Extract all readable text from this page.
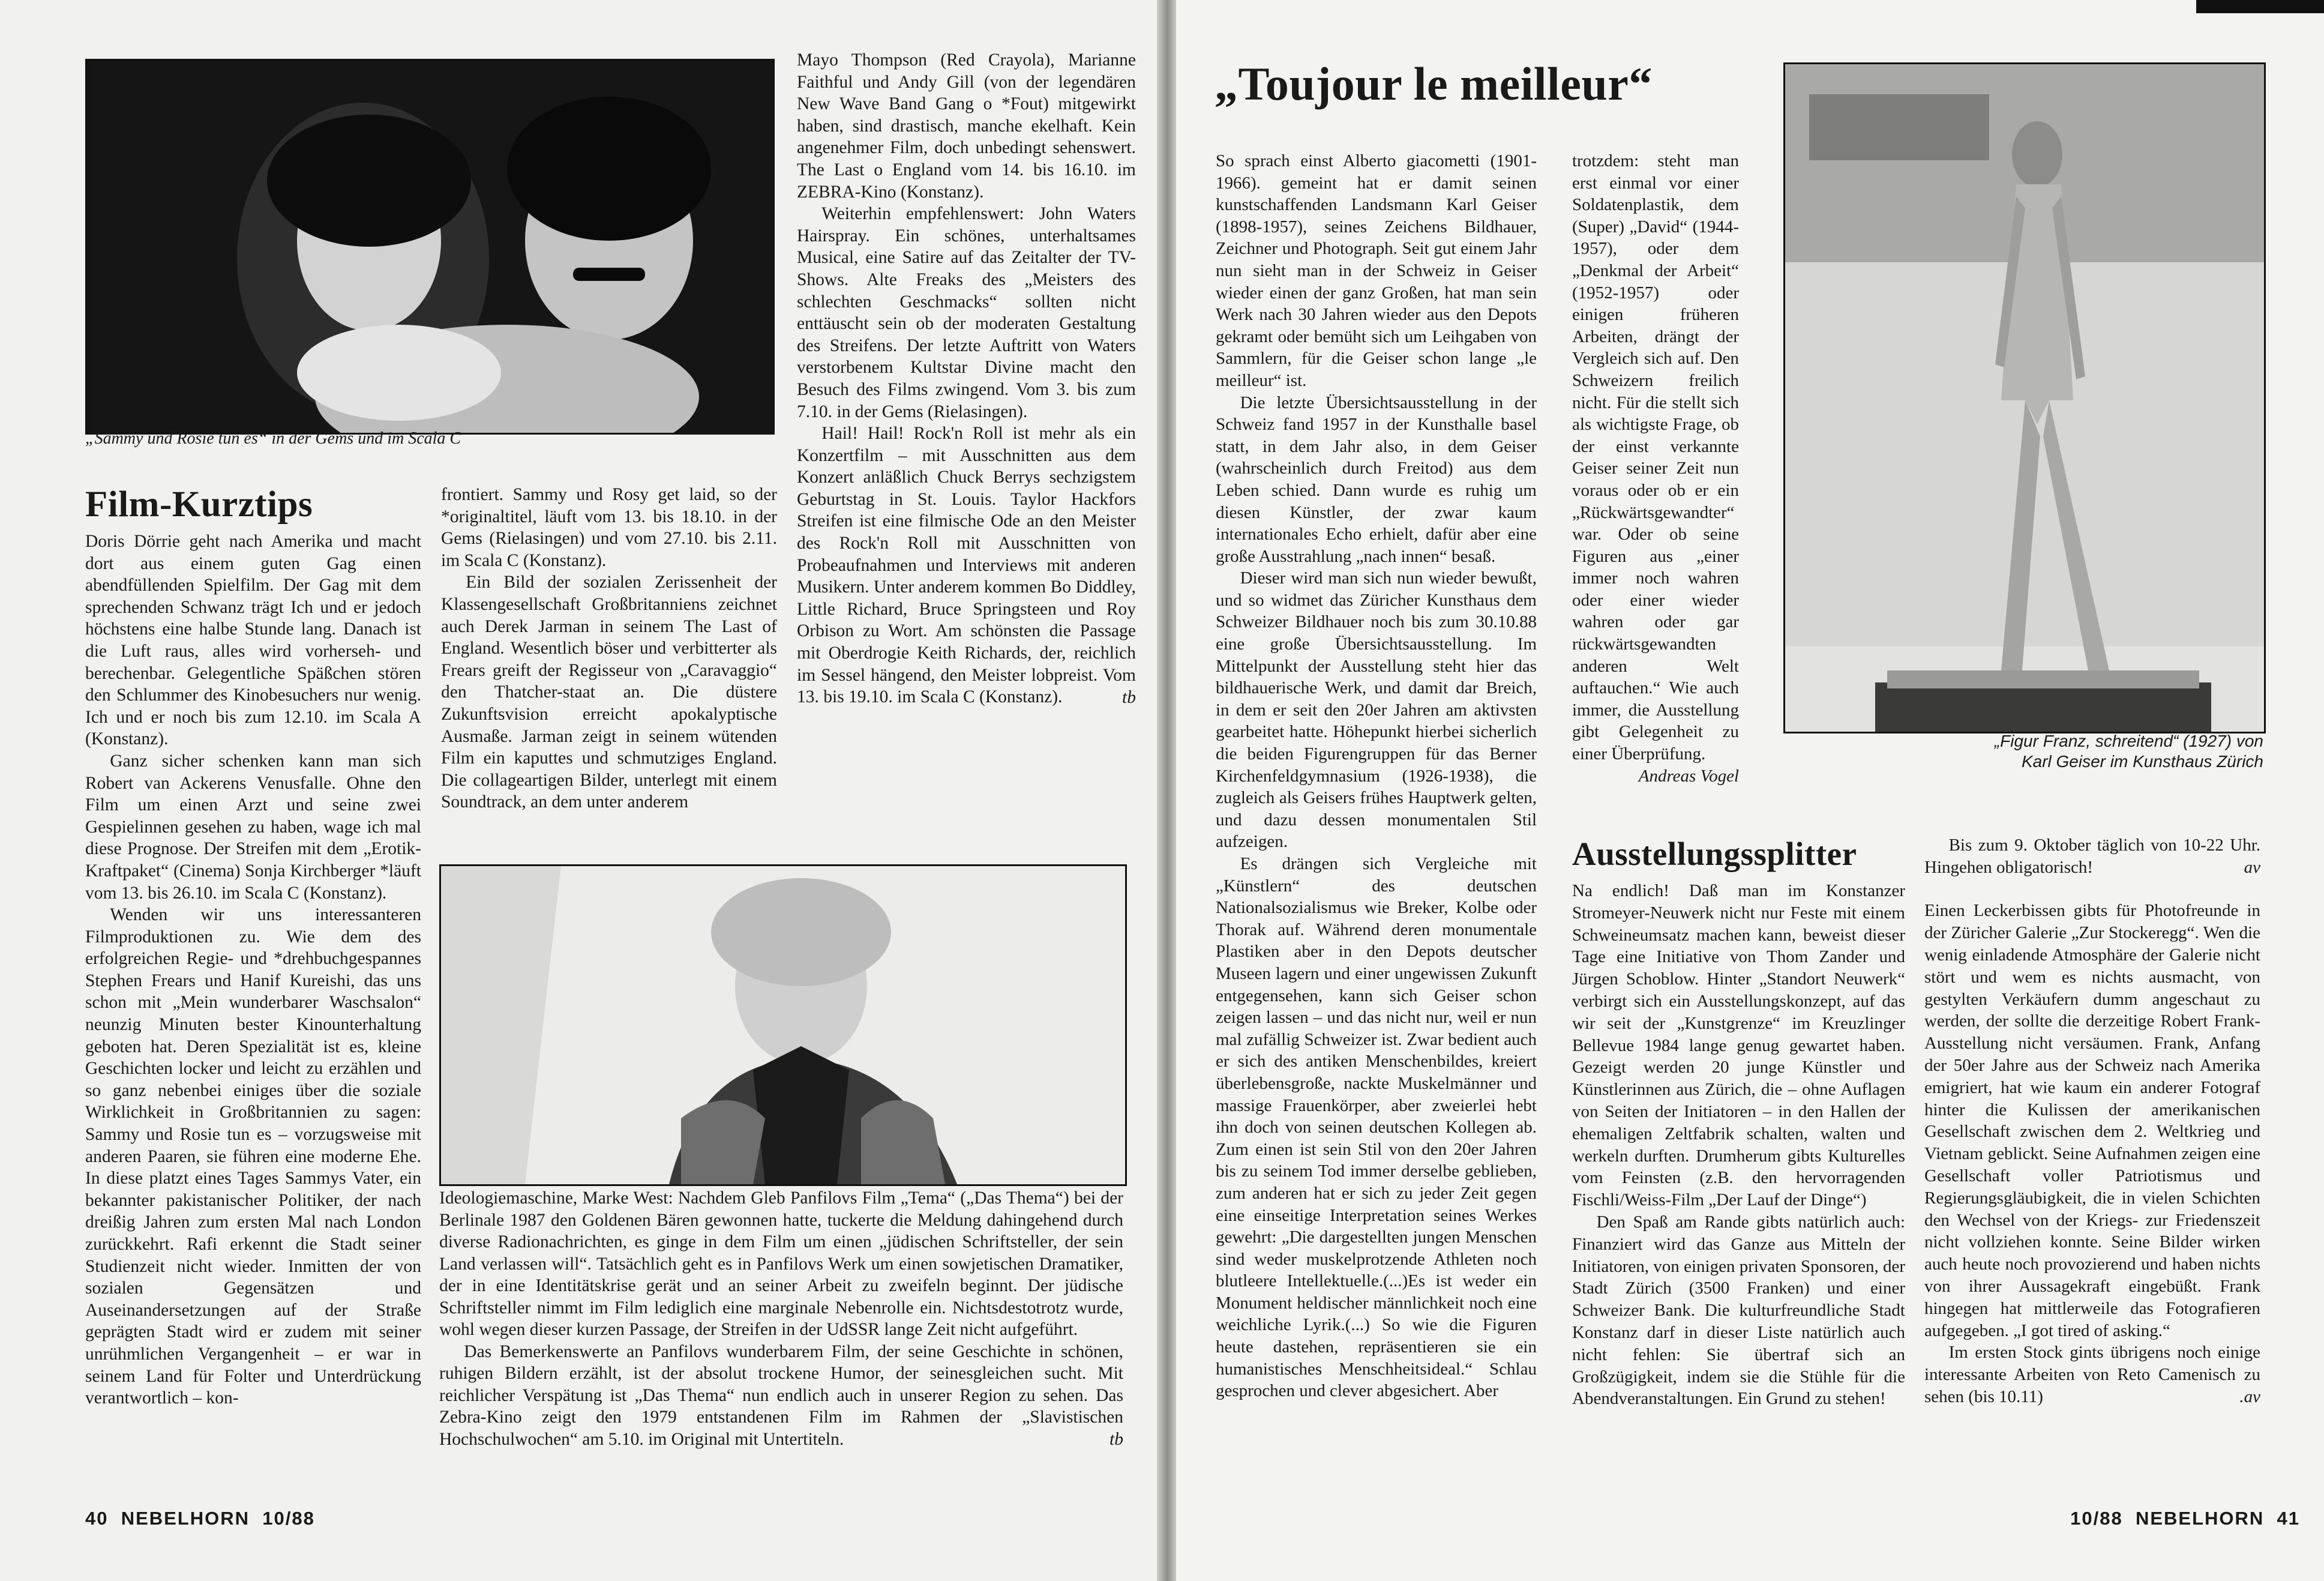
„Sammy und Rosie tun es“ in der Gems und im Scala C
Film-Kurztips

Doris Dörrie geht nach Amerika und macht dort aus einem guten Gag einen abendfüllenden Spielfilm. Der Gag mit dem sprechenden Schwanz trägt Ich und er jedoch höchstens eine halbe Stunde lang. Danach ist die Luft raus, alles wird vorherseh- und berechenbar. Gelegentliche Späßchen stören den Schlummer des Kinobesuchers nur wenig. Ich und er noch bis zum 12.10. im Scala A (Konstanz).

Ganz sicher schenken kann man sich Robert van Ackerens Venusfalle. Ohne den Film um einen Arzt und seine zwei Gespielinnen gesehen zu haben, wage ich mal diese Prognose. Der Streifen mit dem „Erotik-Kraftpaket“ (Cinema) Sonja Kirchberger *läuft vom 13. bis 26.10. im Scala C (Konstanz).

Wenden wir uns interessanteren Filmproduktionen zu. Wie dem des erfolgreichen Regie- und *drehbuchgespannes Stephen Frears und Hanif Kureishi, das uns schon mit „Mein wunderbarer Waschsalon“ neunzig Minuten bester Kinounterhaltung geboten hat. Deren Spezialität ist es, kleine Geschichten locker und leicht zu erzählen und so ganz nebenbei einiges über die soziale Wirklichkeit in Großbritannien zu sagen: Sammy und Rosie tun es – vorzugsweise mit anderen Paaren, sie führen eine moderne Ehe. In diese platzt eines Tages Sammys Vater, ein bekannter pakistanischer Politiker, der nach dreißig Jahren zum ersten Mal nach London zurückkehrt. Rafi erkennt die Stadt seiner Studienzeit nicht wieder. Inmitten der von sozialen Gegensätzen und Auseinandersetzungen auf der Straße geprägten Stadt wird er zudem mit seiner unrühmlichen Vergangenheit – er war in seinem Land für Folter und Unterdrückung verantwortlich – kon-

frontiert. Sammy und Rosy get laid, so der *originaltitel, läuft vom 13. bis 18.10. in der Gems (Rielasingen) und vom 27.10. bis 2.11. im Scala C (Konstanz).

Ein Bild der sozialen Zerissenheit der Klassengesellschaft Großbritanniens zeichnet auch Derek Jarman in seinem The Last of England. Wesentlich böser und verbitterter als Frears greift der Regisseur von „Caravaggio“ den Thatcher-staat an. Die düstere Zukunftsvision erreicht apokalyptische Ausmaße. Jarman zeigt in seinem wütenden Film ein kaputtes und schmutziges England. Die collageartigen Bilder, unterlegt mit einem Soundtrack, an dem unter anderem

Mayo Thompson (Red Crayola), Marianne Faithful und Andy Gill (von der legendären New Wave Band Gang o *Fout) mitgewirkt haben, sind drastisch, manche ekelhaft. Kein angenehmer Film, doch unbedingt sehenswert. The Last o England vom 14. bis 16.10. im ZEBRA-Kino (Konstanz).

Weiterhin empfehlenswert: John Waters Hairspray. Ein schönes, unterhaltsames Musical, eine Satire auf das Zeitalter der TV-Shows. Alte Freaks des „Meisters des schlechten Geschmacks“ sollten nicht enttäuscht sein ob der moderaten Gestaltung des Streifens. Der letzte Auftritt von Waters verstorbenem Kultstar Divine macht den Besuch des Films zwingend. Vom 3. bis zum 7.10. in der Gems (Rielasingen).

Hail! Hail! Rock'n Roll ist mehr als ein Konzertfilm – mit Ausschnitten aus dem Konzert anläßlich Chuck Berrys sechzigstem Geburtstag in St. Louis. Taylor Hackfors Streifen ist eine filmische Ode an den Meister des Rock'n Roll mit Ausschnitten von Probeaufnahmen und Interviews mit anderen Musikern. Unter anderem kommen Bo Diddley, Little Richard, Bruce Springsteen und Roy Orbison zu Wort. Am schönsten die Passage mit Oberdrogie Keith Richards, der, reichlich im Sessel hängend, den Meister lobpreist. Vom 13. bis 19.10. im Scala C (Konstanz).	tb

Ideologiemaschine, Marke West: Nachdem Gleb Panfilovs Film „Tema“ („Das Thema“) bei der Berlinale 1987 den Goldenen Bären gewonnen hatte, tuckerte die Meldung dahingehend durch diverse Radionachrichten, es ginge in dem Film um einen „jüdischen Schriftsteller, der sein Land verlassen will“. Tatsächlich geht es in Panfilovs Werk um einen sowjetischen Dramatiker, der in eine Identitätskrise gerät und an seiner Arbeit zu zweifeln beginnt. Der jüdische Schriftsteller nimmt im Film lediglich eine marginale Nebenrolle ein. Nichtsdestotrotz wurde, wohl wegen dieser kurzen Passage, der Streifen in der UdSSR lange Zeit nicht aufgeführt.

Das Bemerkenswerte an Panfilovs wunderbarem Film, der seine Geschichte in schönen, ruhigen Bildern erzählt, ist der absolut trockene Humor, der seinesgleichen sucht. Mit reichlicher Verspätung ist „Das Thema“ nun endlich auch in unserer Region zu sehen. Das Zebra-Kino zeigt den 1979 entstandenen Film im Rahmen der „Slavistischen Hochschulwochen“ am 5.10. im Original mit Untertiteln.	tb
40  NEBELHORN  10/88
„Toujour le meilleur“

So sprach einst Alberto giacometti (1901-1966). gemeint hat er damit seinen kunstschaffenden Landsmann Karl Geiser (1898-1957), seines Zeichens Bildhauer, Zeichner und Photograph. Seit gut einem Jahr nun sieht man in der Schweiz in Geiser wieder einen der ganz Großen, hat man sein Werk nach 30 Jahren wieder aus den Depots gekramt oder bemüht sich um Leihgaben von Sammlern, für die Geiser schon lange „le meilleur“ ist.

Die letzte Übersichtsausstellung in der Schweiz fand 1957 in der Kunsthalle basel statt, in dem Jahr also, in dem Geiser (wahrscheinlich durch Freitod) aus dem Leben schied. Dann wurde es ruhig um diesen Künstler, der zwar kaum internationales Echo erhielt, dafür aber eine große Ausstrahlung „nach innen“ besaß.

Dieser wird man sich nun wieder bewußt, und so widmet das Züricher Kunsthaus dem Schweizer Bildhauer noch bis zum 30.10.88 eine große Übersichtsausstellung. Im Mittelpunkt der Ausstellung steht hier das bildhauerische Werk, und damit dar Breich, in dem er seit den 20er Jahren am aktivsten gearbeitet hatte. Höhepunkt hierbei sicherlich die beiden Figurengruppen für das Berner Kirchenfeldgymnasium (1926-1938), die zugleich als Geisers frühes Hauptwerk gelten, und dazu dessen monumentalen Stil aufzeigen.

Es drängen sich Vergleiche mit „Künstlern“ des deutschen Nationalsozialismus wie Breker, Kolbe oder Thorak auf. Während deren monumentale Plastiken aber in den Depots deutscher Museen lagern und einer ungewissen Zukunft entgegensehen, kann sich Geiser schon zeigen lassen – und das nicht nur, weil er nun mal zufällig Schweizer ist. Zwar bedient auch er sich des antiken Menschenbildes, kreiert überlebensgroße, nackte Muskelmänner und massige Frauenkörper, aber zweierlei hebt ihn doch von seinen deutschen Kollegen ab. Zum einen ist sein Stil von den 20er Jahren bis zu seinem Tod immer derselbe geblieben, zum anderen hat er sich zu jeder Zeit gegen eine einseitige Interpretation seines Werkes gewehrt: „Die dargestellten jungen Menschen sind weder muskelprotzende Athleten noch blutleere Intellektuelle.(...)Es ist weder ein Monument heldischer männlichkeit noch eine weichliche Lyrik.(...) So wie die Figuren heute dastehen, repräsentieren sie ein humanistisches Menschheitsideal.“ Schlau gesprochen und clever abgesichert. Aber

trotzdem: steht man erst einmal vor einer Soldatenplastik, dem (Super) „David“ (1944-1957), oder dem „Denkmal der Arbeit“ (1952-1957) oder einigen früheren Arbeiten, drängt der Vergleich sich auf. Den Schweizern freilich nicht. Für die stellt sich als wichtigste Frage, ob der einst verkannte Geiser seiner Zeit nun voraus oder ob er ein „Rückwärtsgewandter“ war. Oder ob seine Figuren aus „einer immer noch wahren oder einer wieder wahren oder gar rückwärtsgewandten anderen Welt auftauchen.“ Wie auch immer, die Ausstellung gibt Gelegenheit zu einer Überprüfung.

Andreas Vogel
„Figur Franz, schreitend“ (1927) von
Karl Geiser im Kunsthaus Zürich
Ausstellungssplitter

Na endlich! Daß man im Konstanzer Stromeyer-Neuwerk nicht nur Feste mit einem Schweineumsatz machen kann, beweist dieser Tage eine Initiative von Thom Zander und Jürgen Schoblow. Hinter „Standort Neuwerk“ verbirgt sich ein Ausstellungskonzept, auf das wir seit der „Kunstgrenze“ im Kreuzlinger Bellevue 1984 lange genug gewartet haben. Gezeigt werden 20 junge Künstler und Künstlerinnen aus Zürich, die – ohne Auflagen von Seiten der Initiatoren – in den Hallen der ehemaligen Zeltfabrik schalten, walten und werkeln durften. Drumherum gibts Kulturelles vom Feinsten (z.B. den hervorragenden Fischli/Weiss-Film „Der Lauf der Dinge“)

Den Spaß am Rande gibts natürlich auch: Finanziert wird das Ganze aus Mitteln der Initiatoren, von einigen privaten Sponsoren, der Stadt Zürich (3500 Franken) und einer Schweizer Bank. Die kulturfreundliche Stadt Konstanz darf in dieser Liste natürlich auch nicht fehlen: Sie übertraf sich an Großzügigkeit, indem sie die Stühle für die Abendveranstaltungen. Ein Grund zu stehen!

Bis zum 9. Oktober täglich von 10-22 Uhr. Hingehen obligatorisch!	av

Einen Leckerbissen gibts für Photofreunde in der Züricher Galerie „Zur Stockeregg“. Wen die wenig einladende Atmosphäre der Galerie nicht stört und wem es nichts ausmacht, von gestylten Verkäufern dumm angeschaut zu werden, der sollte die derzeitige Robert Frank-Ausstellung nicht versäumen. Frank, Anfang der 50er Jahre aus der Schweiz nach Amerika emigriert, hat wie kaum ein anderer Fotograf hinter die Kulissen der amerikanischen Gesellschaft zwischen dem 2. Weltkrieg und Vietnam geblickt. Seine Aufnahmen zeigen eine Gesellschaft voller Patriotismus und Regierungsgläubigkeit, die in vielen Schichten den Wechsel von der Kriegs- zur Friedenszeit nicht vollziehen konnte. Seine Bilder wirken auch heute noch provozierend und haben nichts von ihrer Aussagekraft eingebüßt. Frank hingegen hat mittlerweile das Fotografieren aufgegeben. „I got tired of asking.“

Im ersten Stock gints übrigens noch einige interessante Arbeiten von Reto Camenisch zu sehen (bis 10.11)	.av
10/88  NEBELHORN  41
